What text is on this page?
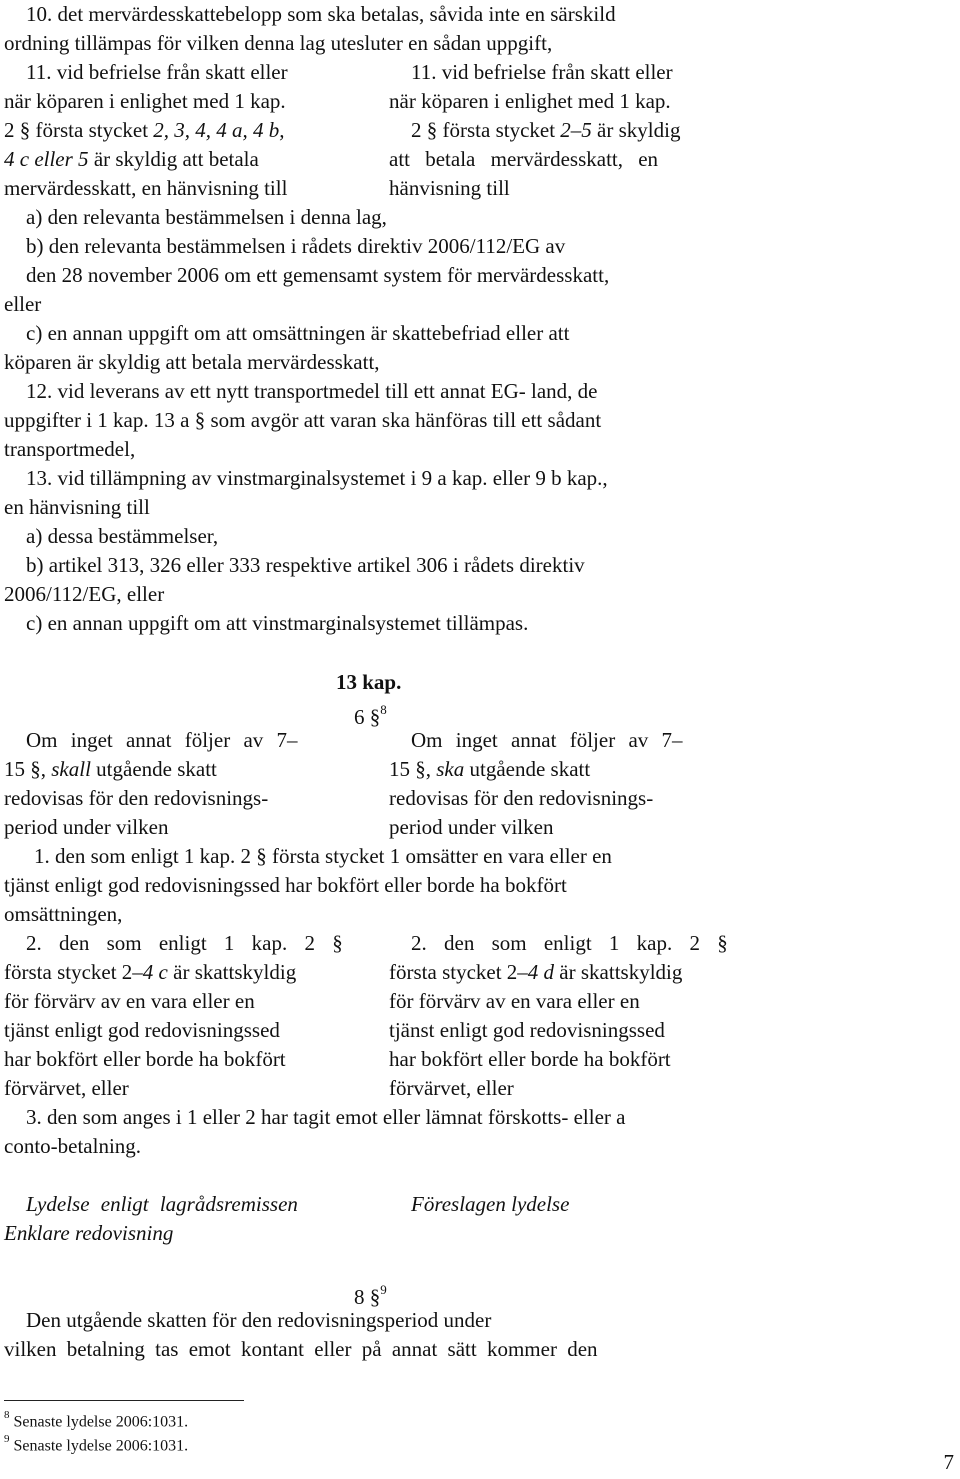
10. det mervärdesskattebelopp som ska betalas, såvida inte en särskild
ordning tillämpas för vilken denna lag utesluter en sådan uppgift,
11. vid befrielse från skatt eller
när köparen i enlighet med 1 kap.
2 § första stycket 2, 3, 4, 4 a, 4 b,
4 c eller 5 är skyldig att betala
mervärdesskatt, en hänvisning till
11. vid befrielse från skatt eller
när köparen i enlighet med 1 kap.
2 § första stycket 2–5 är skyldig
att betala mervärdesskatt, en
hänvisning till
a) den relevanta bestämmelsen i denna lag,
b) den relevanta bestämmelsen i rådets direktiv 2006/112/EG av
den 28 november 2006 om ett gemensamt system för mervärdesskatt,
eller
c) en annan uppgift om att omsättningen är skattebefriad eller att
köparen är skyldig att betala mervärdesskatt,
12. vid leverans av ett nytt transportmedel till ett annat EG- land, de
uppgifter i 1 kap. 13 a § som avgör att varan ska hänföras till ett sådant
transportmedel,
13. vid tillämpning av vinstmarginalsystemet i 9 a kap. eller 9 b kap.,
en hänvisning till
a) dessa bestämmelser,
b) artikel 313, 326 eller 333 respektive artikel 306 i rådets direktiv
2006/112/EG, eller
c) en annan uppgift om att vinstmarginalsystemet tillämpas.
13 kap.
6 §$^8$
Om inget annat följer av 7–
15 §, skall utgående skatt
redovisas för den redovisnings-
period under vilken
Om inget annat följer av 7–
15 §, ska utgående skatt
redovisas för den redovisnings-
period under vilken
1. den som enligt 1 kap. 2 § första stycket 1 omsätter en vara eller en
tjänst enligt god redovisningssed har bokfört eller borde ha bokfört
omsättningen,
2. den som enligt 1 kap. 2 §
första stycket 2–4 c är skattskyldig
för förvärv av en vara eller en
tjänst enligt god redovisningssed
har bokfört eller borde ha bokfört
förvärvet, eller
2. den som enligt 1 kap. 2 §
första stycket 2–4 d är skattskyldig
för förvärv av en vara eller en
tjänst enligt god redovisningssed
har bokfört eller borde ha bokfört
förvärvet, eller
3. den som anges i 1 eller 2 har tagit emot eller lämnat förskotts- eller a
conto-betalning.
Lydelse enligt lagrådsremissen	Föreslagen lydelse
Enklare redovisning
8 §$^9$
Den utgående skatten för den redovisningsperiod under
vilken betalning tas emot kontant eller på annat sätt kommer den
$^8$ Senaste lydelse 2006:1031.
$^9$ Senaste lydelse 2006:1031.
7
